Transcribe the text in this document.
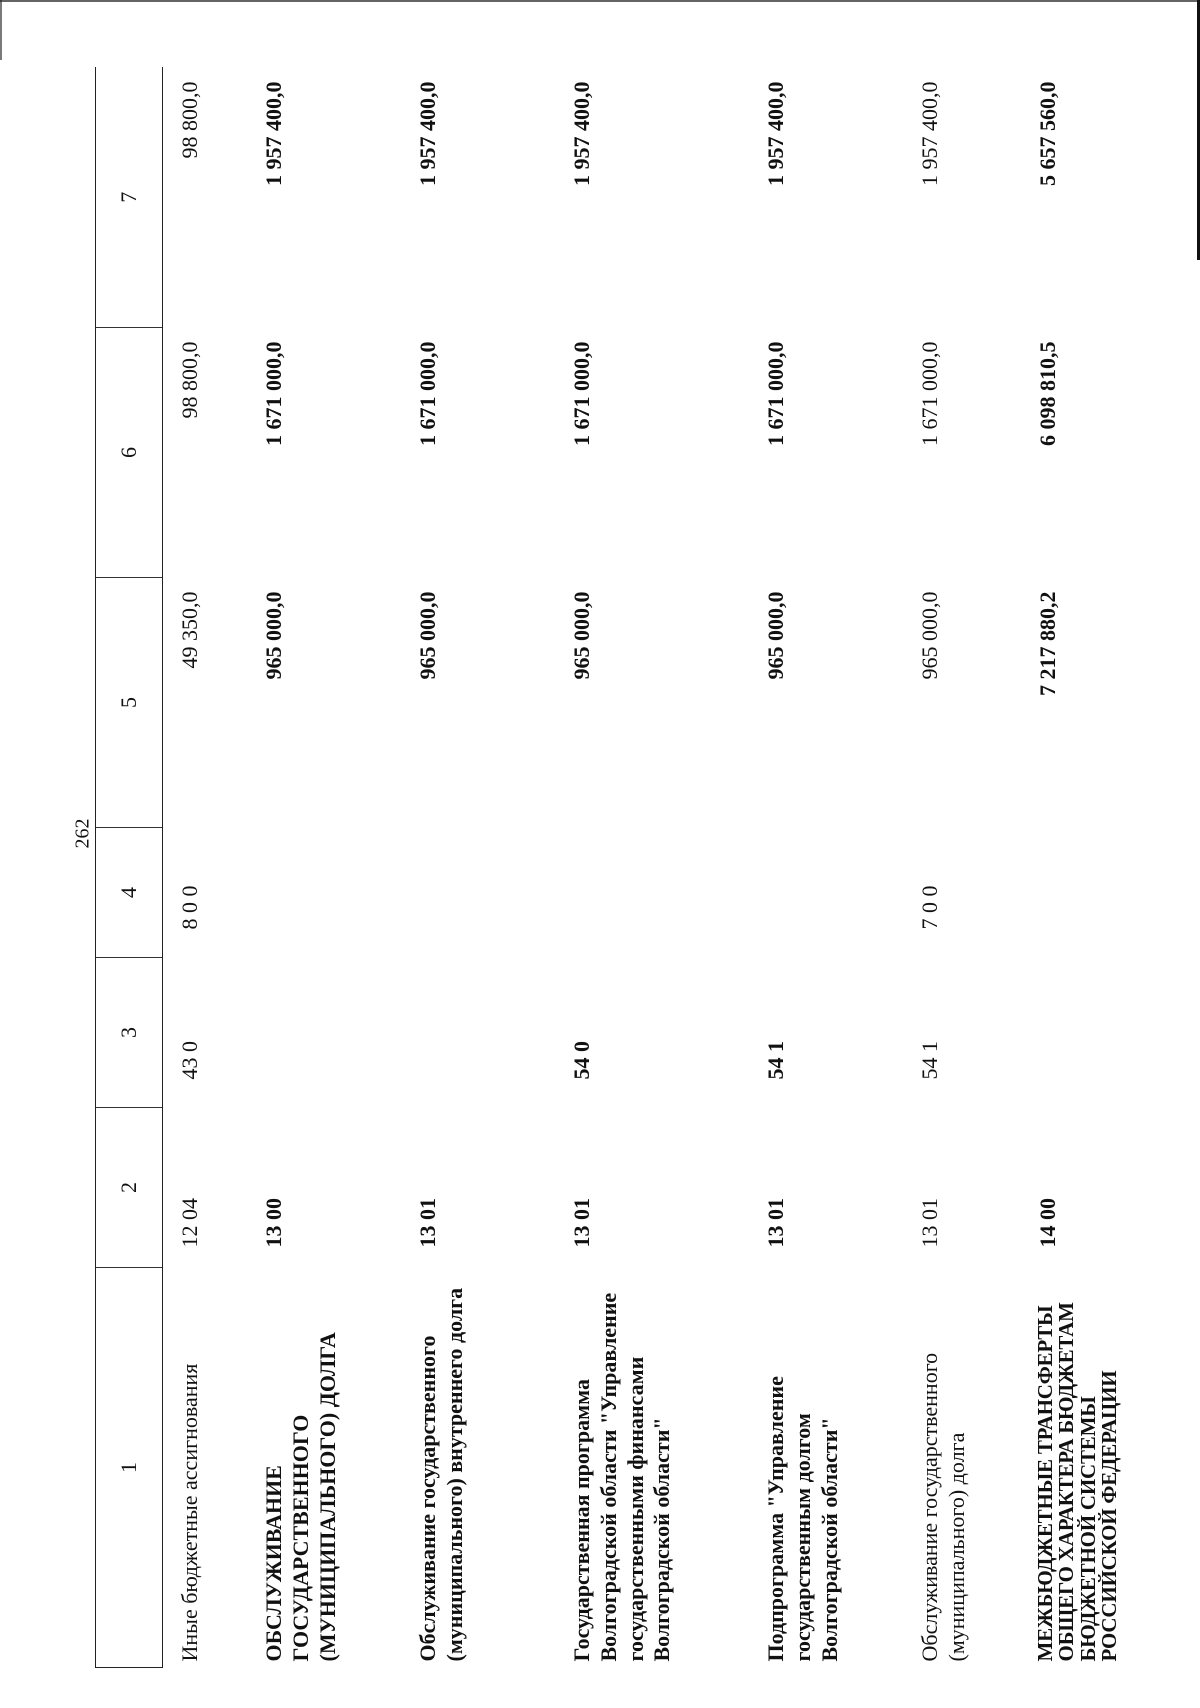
262
1	2	3	4	5	6	7
Иные бюджетные ассигнования	12 04	43 0	8 0 0	49 350,0	98 800,0	98 800,0
ОБСЛУЖИВАНИЕ ГОСУДАРСТВЕННОГО (МУНИЦИПАЛЬНОГО) ДОЛГА	13 00			965 000,0	1 671 000,0	1 957 400,0
Обслуживание государственного (муниципального) внутреннего долга	13 01			965 000,0	1 671 000,0	1 957 400,0
Государственная программа Волгоградской области "Управление государственными финансами Волгоградской области"	13 01	54 0		965 000,0	1 671 000,0	1 957 400,0
Подпрограмма "Управление государственным долгом Волгоградской области"	13 01	54 1		965 000,0	1 671 000,0	1 957 400,0
Обслуживание государственного (муниципального) долга	13 01	54 1	7 0 0	965 000,0	1 671 000,0	1 957 400,0
МЕЖБЮДЖЕТНЫЕ ТРАНСФЕРТЫ ОБЩЕГО ХАРАКТЕРА БЮДЖЕТАМ БЮДЖЕТНОЙ СИСТЕМЫ РОССИЙСКОЙ ФЕДЕРАЦИИ	14 00			7 217 880,2	6 098 810,5	5 657 560,0
